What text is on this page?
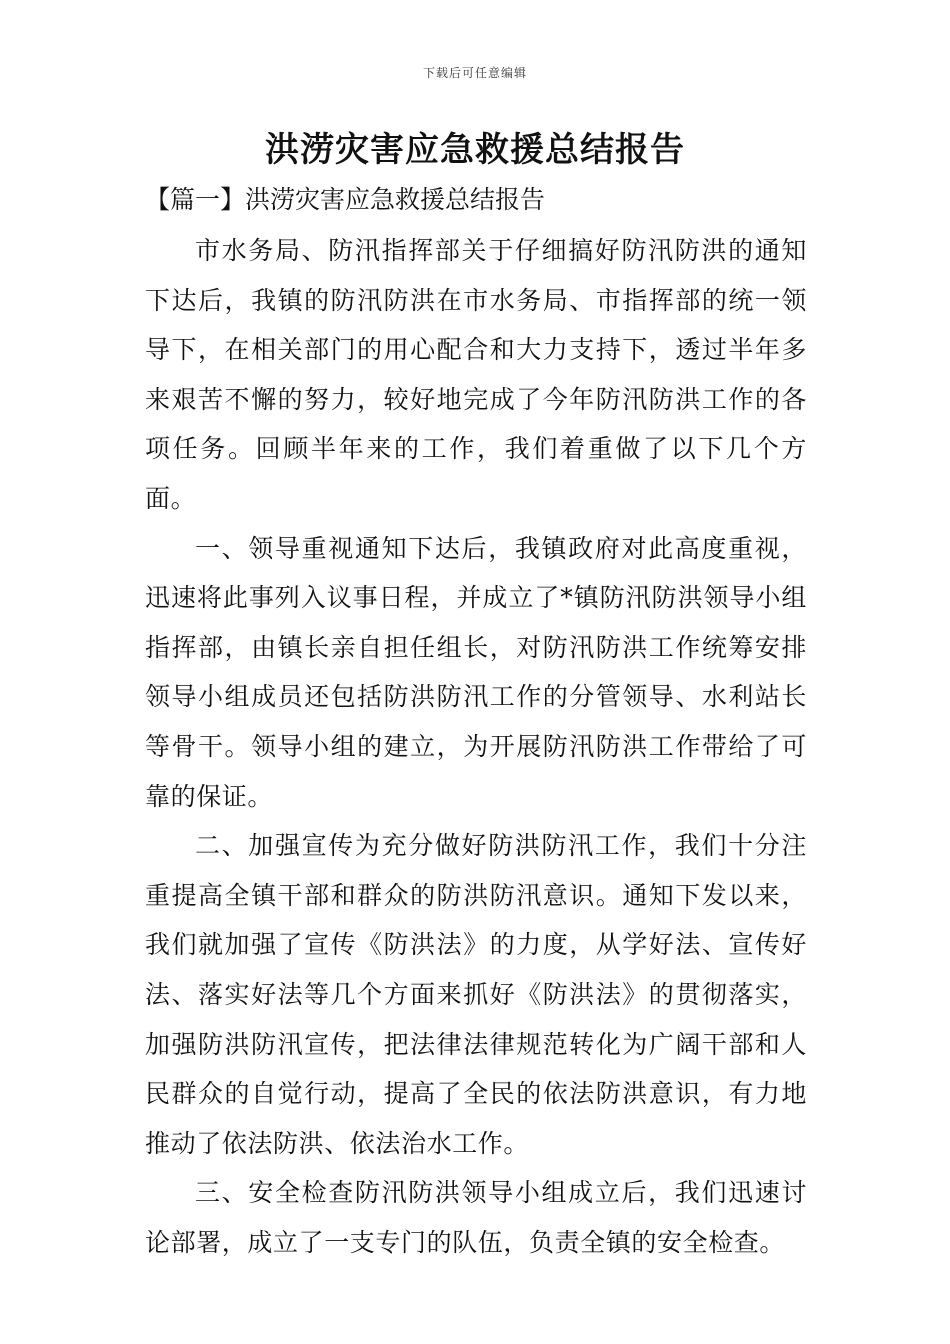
下载后可任意编辑
洪涝灾害应急救援总结报告

【篇一】洪涝灾害应急救援总结报告

市水务局、防汛指挥部关于仔细搞好防汛防洪的通知下达后，我镇的防汛防洪在市水务局、市指挥部的统一领导下，在相关部门的用心配合和大力支持下，透过半年多来艰苦不懈的努力，较好地完成了今年防汛防洪工作的各项任务。回顾半年来的工作，我们着重做了以下几个方面。

一、领导重视通知下达后，我镇政府对此高度重视，迅速将此事列入议事日程，并成立了*镇防汛防洪领导小组指挥部，由镇长亲自担任组长，对防汛防洪工作统筹安排领导小组成员还包括防洪防汛工作的分管领导、水利站长等骨干。领导小组的建立，为开展防汛防洪工作带给了可靠的保证。

二、加强宣传为充分做好防洪防汛工作，我们十分注重提高全镇干部和群众的防洪防汛意识。通知下发以来，我们就加强了宣传《防洪法》的力度，从学好法、宣传好法、落实好法等几个方面来抓好《防洪法》的贯彻落实，加强防洪防汛宣传，把法律法律规范转化为广阔干部和人民群众的自觉行动，提高了全民的依法防洪意识，有力地推动了依法防洪、依法治水工作。

三、安全检查防汛防洪领导小组成立后，我们迅速讨论部署，成立了一支专门的队伍，负责全镇的安全检查。
